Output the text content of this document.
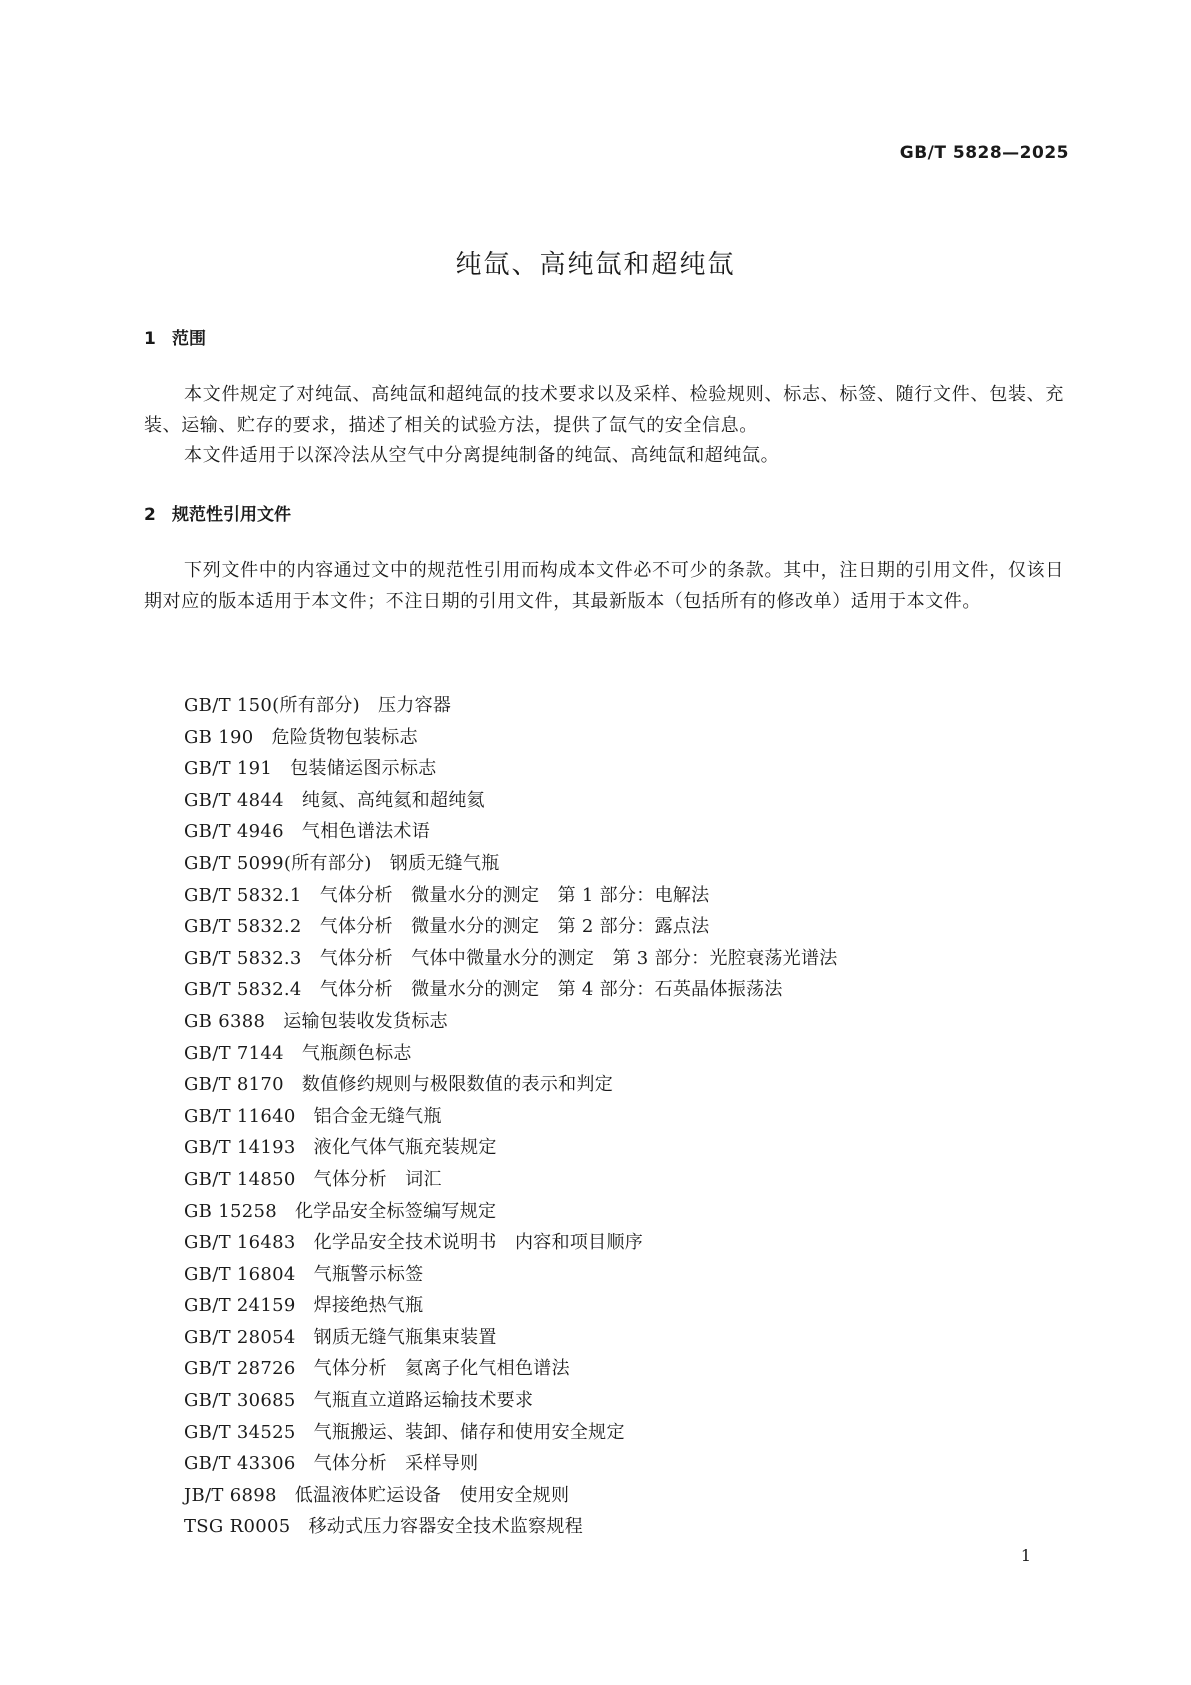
GB/T 5828—2025
纯氙、高纯氙和超纯氙
1 范围
本文件规定了对纯氙、高纯氙和超纯氙的技术要求以及采样、检验规则、标志、标签、随行文件、包装、充装、运输、贮存的要求，描述了相关的试验方法，提供了氙气的安全信息。
本文件适用于以深冷法从空气中分离提纯制备的纯氙、高纯氙和超纯氙。
2 规范性引用文件
下列文件中的内容通过文中的规范性引用而构成本文件必不可少的条款。其中，注日期的引用文件，仅该日期对应的版本适用于本文件；不注日期的引用文件，其最新版本（包括所有的修改单）适用于本文件。
GB/T 150(所有部分) 压力容器
GB 190 危险货物包装标志
GB/T 191 包装储运图示标志
GB/T 4844 纯氦、高纯氦和超纯氦
GB/T 4946 气相色谱法术语
GB/T 5099(所有部分) 钢质无缝气瓶
GB/T 5832.1 气体分析　微量水分的测定　第 1 部分：电解法
GB/T 5832.2 气体分析　微量水分的测定　第 2 部分：露点法
GB/T 5832.3 气体分析　气体中微量水分的测定　第 3 部分：光腔衰荡光谱法
GB/T 5832.4 气体分析　微量水分的测定　第 4 部分：石英晶体振荡法
GB 6388 运输包装收发货标志
GB/T 7144 气瓶颜色标志
GB/T 8170 数值修约规则与极限数值的表示和判定
GB/T 11640 铝合金无缝气瓶
GB/T 14193 液化气体气瓶充装规定
GB/T 14850 气体分析　词汇
GB 15258 化学品安全标签编写规定
GB/T 16483 化学品安全技术说明书　内容和项目顺序
GB/T 16804 气瓶警示标签
GB/T 24159 焊接绝热气瓶
GB/T 28054 钢质无缝气瓶集束装置
GB/T 28726 气体分析　氦离子化气相色谱法
GB/T 30685 气瓶直立道路运输技术要求
GB/T 34525 气瓶搬运、装卸、储存和使用安全规定
GB/T 43306 气体分析　采样导则
JB/T 6898 低温液体贮运设备　使用安全规则
TSG R0005 移动式压力容器安全技术监察规程
1
